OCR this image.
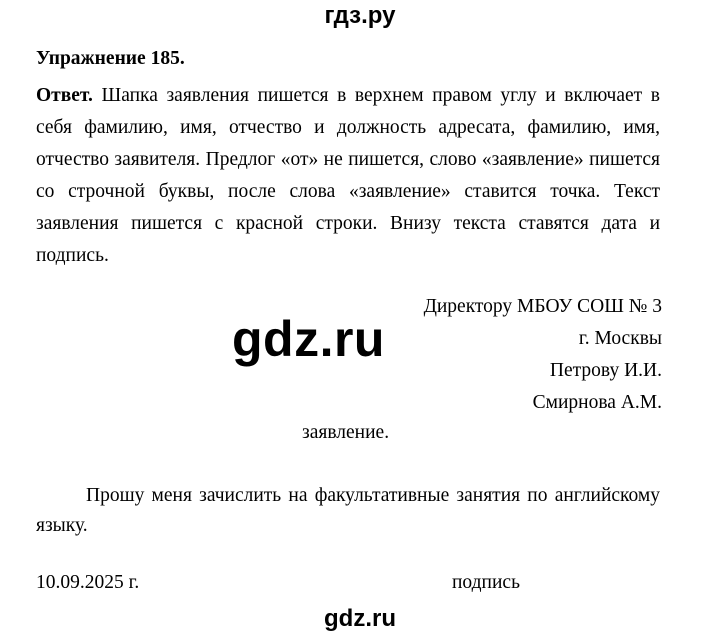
гдз.ру
Упражнение 185.
Ответ. Шапка заявления пишется в верхнем правом углу и включает в себя фамилию, имя, отчество и должность адресата, фамилию, имя, отчество заявителя. Предлог «от» не пишется, слово «заявление» пишется со строчной буквы, после слова «заявление» ставится точка. Текст заявления пишется с красной строки. Внизу текста ставятся дата и подпись.
Директору МБОУ СОШ № 3
г. Москвы
Петрову И.И.
Смирнова А.М.
gdz.ru
заявление.
Прошу меня зачислить на факультативные занятия по английскому языку.
10.09.2025 г.	подпись
gdz.ru
